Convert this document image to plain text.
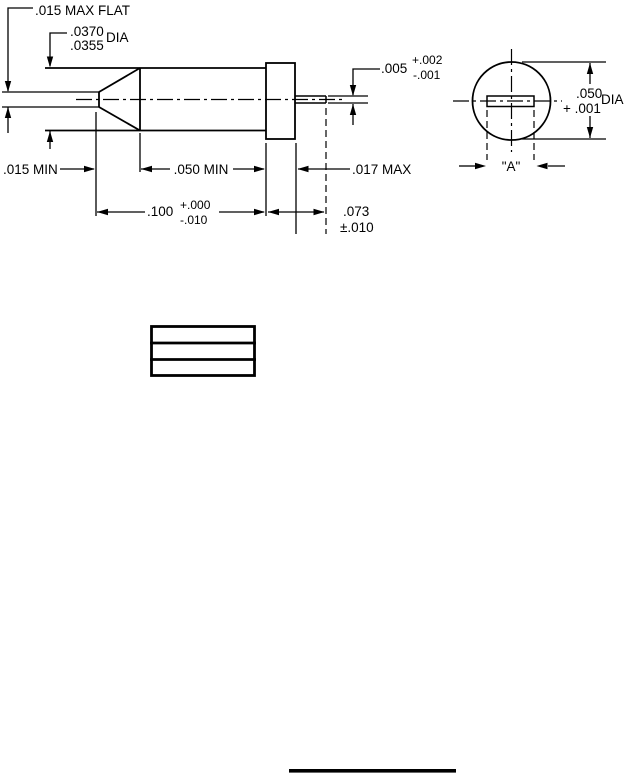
.015 MAX FLAT
.0370
.0355
DIA
.005
+.002
-.001
.015 MIN	.050 MIN	.017 MAX
.100 +.000
-.010
.073
±.010
"A"
.050
+ .001
DIA
